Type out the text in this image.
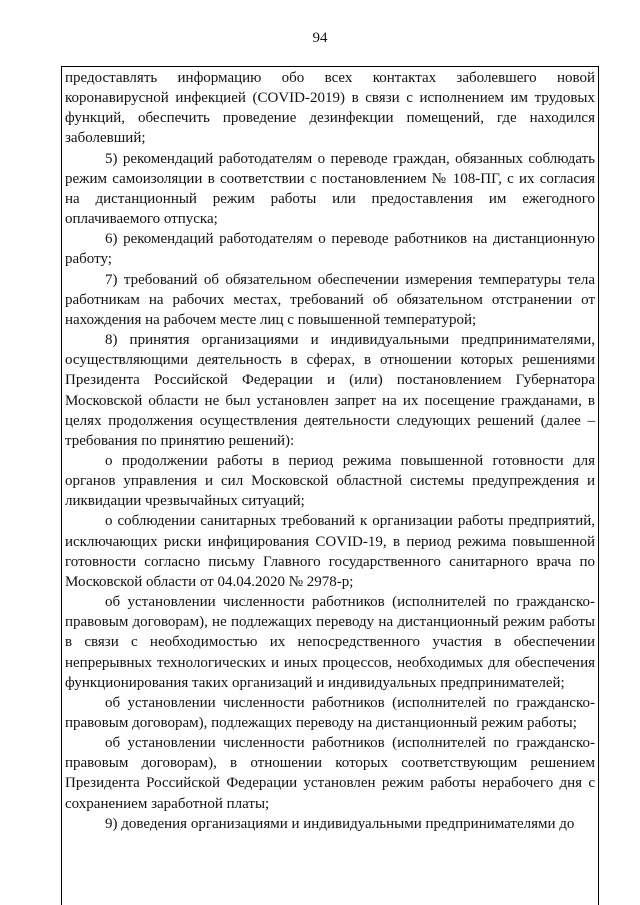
94

предоставлять информацию обо всех контактах заболевшего новой коронавирусной инфекцией (COVID-2019) в связи с исполнением им трудовых функций, обеспечить проведение дезинфекции помещений, где находился заболевший;

5) рекомендаций работодателям о переводе граждан, обязанных соблюдать режим самоизоляции в соответствии с постановлением № 108-ПГ, с их согласия на дистанционный режим работы или предоставления им ежегодного оплачиваемого отпуска;

6) рекомендаций работодателям о переводе работников на дистанционную работу;

7) требований об обязательном обеспечении измерения температуры тела работникам на рабочих местах, требований об обязательном отстранении от нахождения на рабочем месте лиц с повышенной температурой;

8) принятия организациями и индивидуальными предпринимателями, осуществляющими деятельность в сферах, в отношении которых решениями Президента Российской Федерации и (или) постановлением Губернатора Московской области не был установлен запрет на их посещение гражданами, в целях продолжения осуществления деятельности следующих решений (далее – требования по принятию решений):

о продолжении работы в период режима повышенной готовности для органов управления и сил Московской областной системы предупреждения и ликвидации чрезвычайных ситуаций;

о соблюдении санитарных требований к организации работы предприятий, исключающих риски инфицирования COVID-19, в период режима повышенной готовности согласно письму Главного государственного санитарного врача по Московской области от 04.04.2020 № 2978-р;

об установлении численности работников (исполнителей по гражданско-правовым договорам), не подлежащих переводу на дистанционный режим работы в связи с необходимостью их непосредственного участия в обеспечении непрерывных технологических и иных процессов, необходимых для обеспечения функционирования таких организаций и индивидуальных предпринимателей;

об установлении численности работников (исполнителей по гражданско-правовым договорам), подлежащих переводу на дистанционный режим работы;

об установлении численности работников (исполнителей по гражданско-правовым договорам), в отношении которых соответствующим решением Президента Российской Федерации установлен режим работы нерабочего дня с сохранением заработной платы;

9) доведения организациями и индивидуальными предпринимателями до
